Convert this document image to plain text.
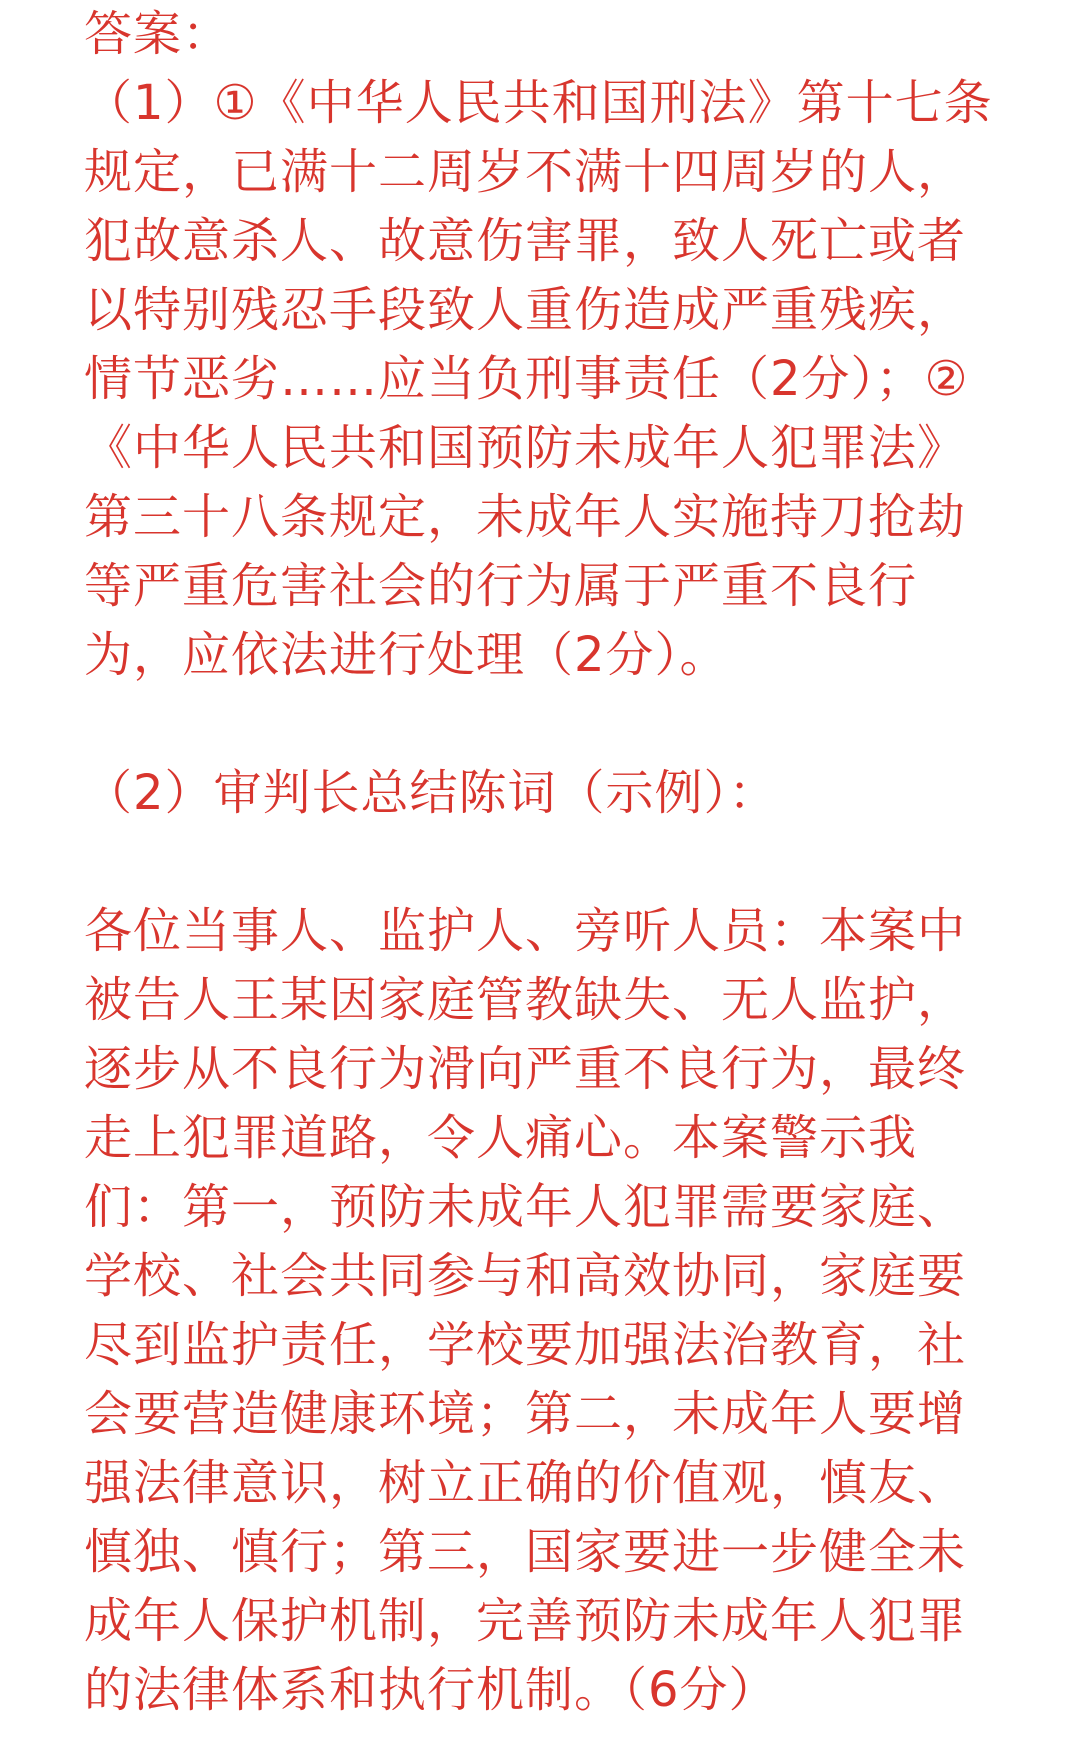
答案：

（1）①《中华人民共和国刑法》第十七条规定，已满十二周岁不满十四周岁的人，犯故意杀人、故意伤害罪，致人死亡或者以特别残忍手段致人重伤造成严重残疾，情节恶劣……应当负刑事责任（2分）；②《中华人民共和国预防未成年人犯罪法》第三十八条规定，未成年人实施持刀抢劫等严重危害社会的行为属于严重不良行为，应依法进行处理（2分）。

（2）审判长总结陈词（示例）：

各位当事人、监护人、旁听人员：本案中被告人王某因家庭管教缺失、无人监护，逐步从不良行为滑向严重不良行为，最终走上犯罪道路，令人痛心。本案警示我们：第一，预防未成年人犯罪需要家庭、学校、社会共同参与和高效协同，家庭要尽到监护责任，学校要加强法治教育，社会要营造健康环境；第二，未成年人要增强法律意识，树立正确的价值观，慎友、慎独、慎行；第三，国家要进一步健全未成年人保护机制，完善预防未成年人犯罪的法律体系和执行机制。（6分）
